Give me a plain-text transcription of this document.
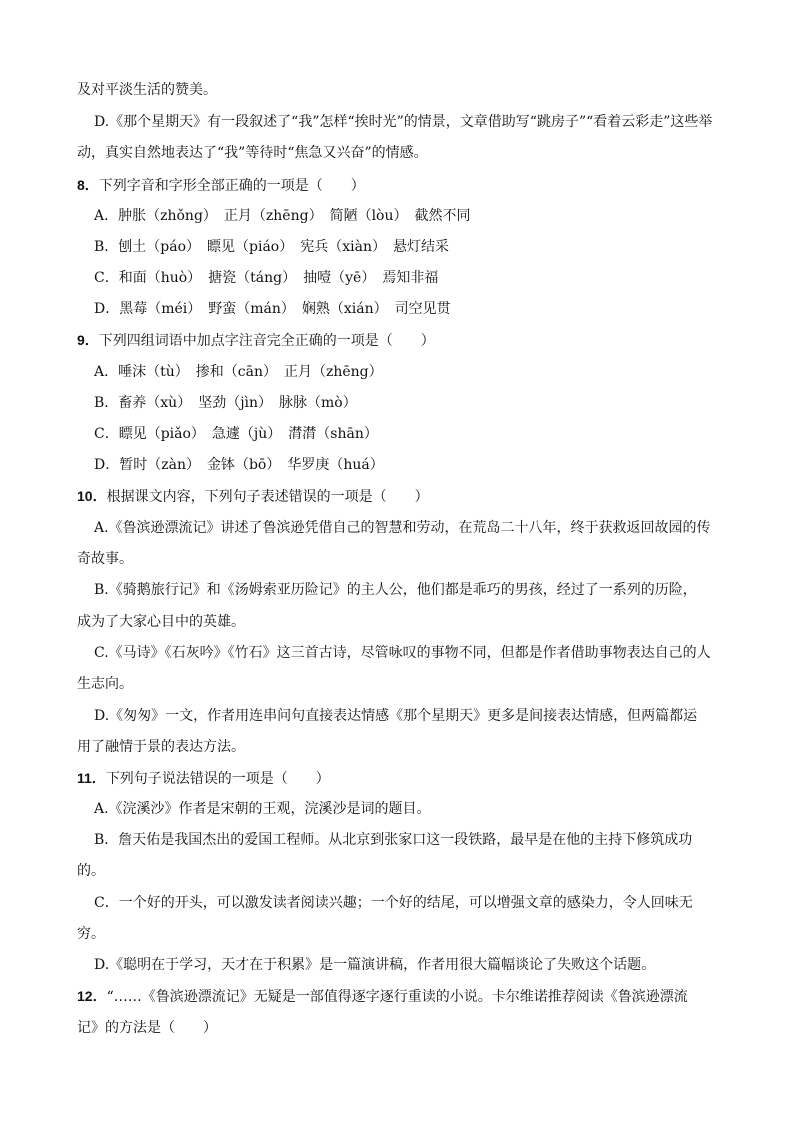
及对平淡生活的赞美。
D.《那个星期天》有一段叙述了“我”怎样“挨时光”的情景，文章借助写“跳房子”“看着云彩走”这些举
动，真实自然地表达了“我”等待时“焦急又兴奋”的情感。
8．下列字音和字形全部正确的一项是（　　）
A．肿胀（zhǒng）　正月（zhēng）　简陋（lòu）　截然不同
B．刨土（páo）　瞟见（piáo）　宪兵（xiàn）　悬灯结采
C．和面（huò）　搪瓷（táng）　抽噎（yē）　焉知非福
D．黑莓（méi）　野蛮（mán）　娴熟（xián）　司空见贯
9．下列四组词语中加点字注音完全正确的一项是（　　）
A．唾沫（tù）　掺和（cān）　正月（zhēng）
B．畜养（xù）　坚劲（jìn）　脉脉（mò）
C．瞟见（piǎo）　急遽（jù）　潸潸（shān）
D．暂时（zàn）　金钵（bō）　华罗庚（huá）
10．根据课文内容，下列句子表述错误的一项是（　　）
A.《鲁滨逊漂流记》讲述了鲁滨逊凭借自己的智慧和劳动，在荒岛二十八年，终于获救返回故园的传
奇故事。
B.《骑鹅旅行记》和《汤姆索亚历险记》的主人公，他们都是乖巧的男孩，经过了一系列的历险，
成为了大家心目中的英雄。
C.《马诗》《石灰吟》《竹石》这三首古诗，尽管咏叹的事物不同，但都是作者借助事物表达自己的人
生志向。
D.《匆匆》一文，作者用连串问句直接表达情感《那个星期天》更多是间接表达情感，但两篇都运
用了融情于景的表达方法。
11．下列句子说法错误的一项是（　　）
A.《浣溪沙》作者是宋朝的王观，浣溪沙是词的题目。
B．詹天佑是我国杰出的爱国工程师。从北京到张家口这一段铁路，最早是在他的主持下修筑成功
的。
C．一个好的开头，可以激发读者阅读兴趣；一个好的结尾，可以增强文章的感染力，令人回味无
穷。
D.《聪明在于学习，天才在于积累》是一篇演讲稿，作者用很大篇幅谈论了失败这个话题。
12．“……《鲁滨逊漂流记》无疑是一部值得逐字逐行重读的小说。卡尔维诺推荐阅读《鲁滨逊漂流
记》的方法是（　　）
